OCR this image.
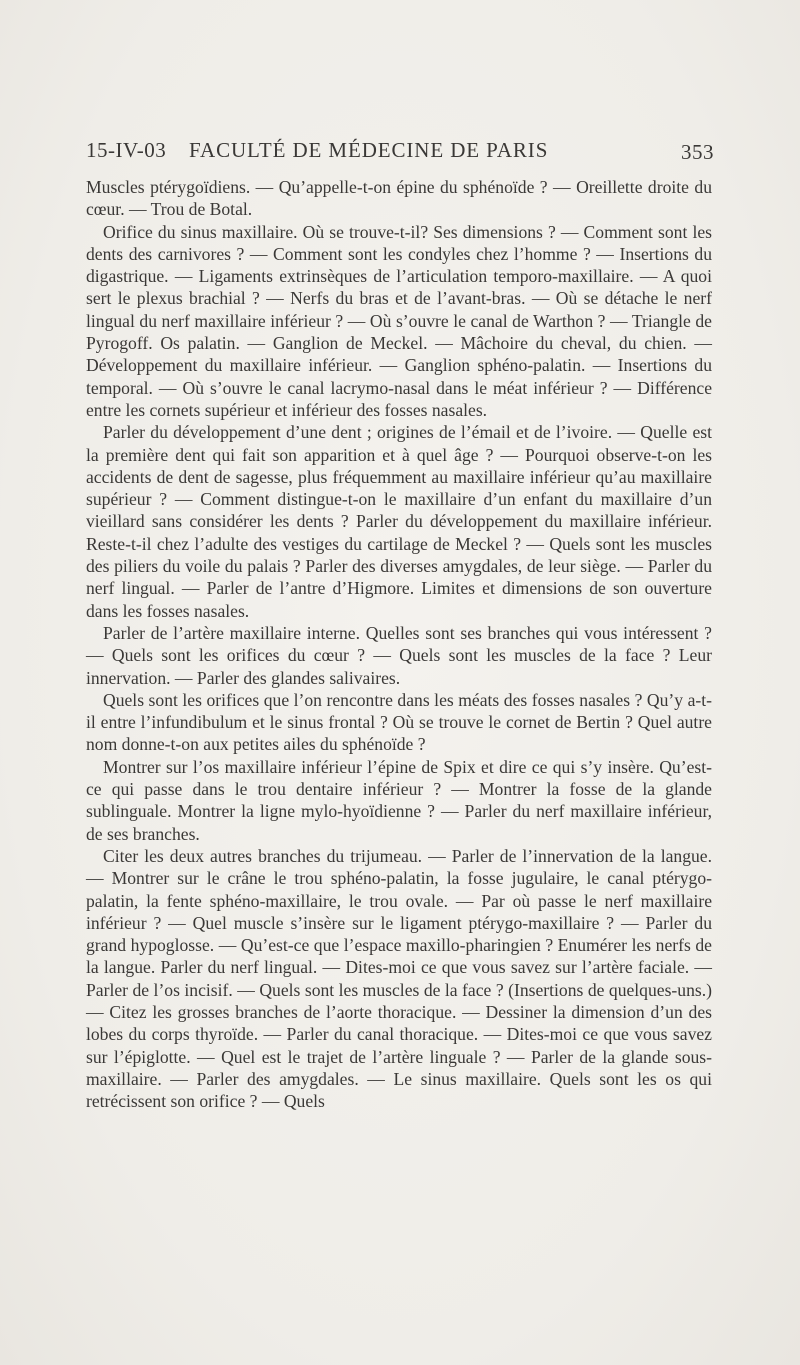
15-IV-03 FACULTÉ DE MÉDECINE DE PARIS	353

Muscles ptérygoïdiens. — Qu’appelle-t-on épine du sphénoïde ? — Oreillette droite du cœur. — Trou de Botal.

Orifice du sinus maxillaire. Où se trouve-t-il? Ses dimensions ? — Comment sont les dents des carnivores ? — Comment sont les condyles chez l’homme ? — Insertions du digastrique. — Ligaments extrinsèques de l’articulation temporo-maxillaire. — A quoi sert le plexus brachial ? — Nerfs du bras et de l’avant-bras. — Où se détache le nerf lingual du nerf maxillaire inférieur ? — Où s’ouvre le canal de Warthon ? — Triangle de Pyrogoff. Os palatin. — Ganglion de Meckel. — Mâchoire du cheval, du chien. — Développement du maxillaire inférieur. — Ganglion sphéno-palatin. — Insertions du temporal. — Où s’ouvre le canal lacrymo-nasal dans le méat inférieur ? — Différence entre les cornets supérieur et inférieur des fosses nasales.

Parler du développement d’une dent ; origines de l’émail et de l’ivoire. — Quelle est la première dent qui fait son apparition et à quel âge ? — Pourquoi observe-t-on les accidents de dent de sagesse, plus fréquemment au maxillaire inférieur qu’au maxillaire supérieur ? — Comment distingue-t-on le maxillaire d’un enfant du maxillaire d’un vieillard sans considérer les dents ? Parler du développement du maxillaire inférieur. Reste-t-il chez l’adulte des vestiges du cartilage de Meckel ? — Quels sont les muscles des piliers du voile du palais ? Parler des diverses amygdales, de leur siège. — Parler du nerf lingual. — Parler de l’antre d’Higmore. Limites et dimensions de son ouverture dans les fosses nasales.

Parler de l’artère maxillaire interne. Quelles sont ses branches qui vous intéressent ? — Quels sont les orifices du cœur ? — Quels sont les muscles de la face ? Leur innervation. — Parler des glandes salivaires.

Quels sont les orifices que l’on rencontre dans les méats des fosses nasales ? Qu’y a-t-il entre l’infundibulum et le sinus frontal ? Où se trouve le cornet de Bertin ? Quel autre nom donne-t-on aux petites ailes du sphénoïde ?

Montrer sur l’os maxillaire inférieur l’épine de Spix et dire ce qui s’y insère. Qu’est-ce qui passe dans le trou dentaire inférieur ? — Montrer la fosse de la glande sublinguale. Montrer la ligne mylo-hyoïdienne ? — Parler du nerf maxillaire inférieur, de ses branches.

Citer les deux autres branches du trijumeau. — Parler de l’innervation de la langue. — Montrer sur le crâne le trou sphéno-palatin, la fosse jugulaire, le canal ptérygo-palatin, la fente sphéno-maxillaire, le trou ovale. — Par où passe le nerf maxillaire inférieur ? — Quel muscle s’insère sur le ligament ptérygo-maxillaire ? — Parler du grand hypoglosse. — Qu’est-ce que l’espace maxillo-pharingien ? Enumérer les nerfs de la langue. Parler du nerf lingual. — Dites-moi ce que vous savez sur l’artère faciale. — Parler de l’os incisif. — Quels sont les muscles de la face ? (Insertions de quelques-uns.) — Citez les grosses branches de l’aorte thoracique. — Dessiner la dimension d’un des lobes du corps thyroïde. — Parler du canal thoracique. — Dites-moi ce que vous savez sur l’épiglotte. — Quel est le trajet de l’artère linguale ? — Parler de la glande sous-maxillaire. — Parler des amygdales. — Le sinus maxillaire. Quels sont les os qui retrécissent son orifice ? — Quels
